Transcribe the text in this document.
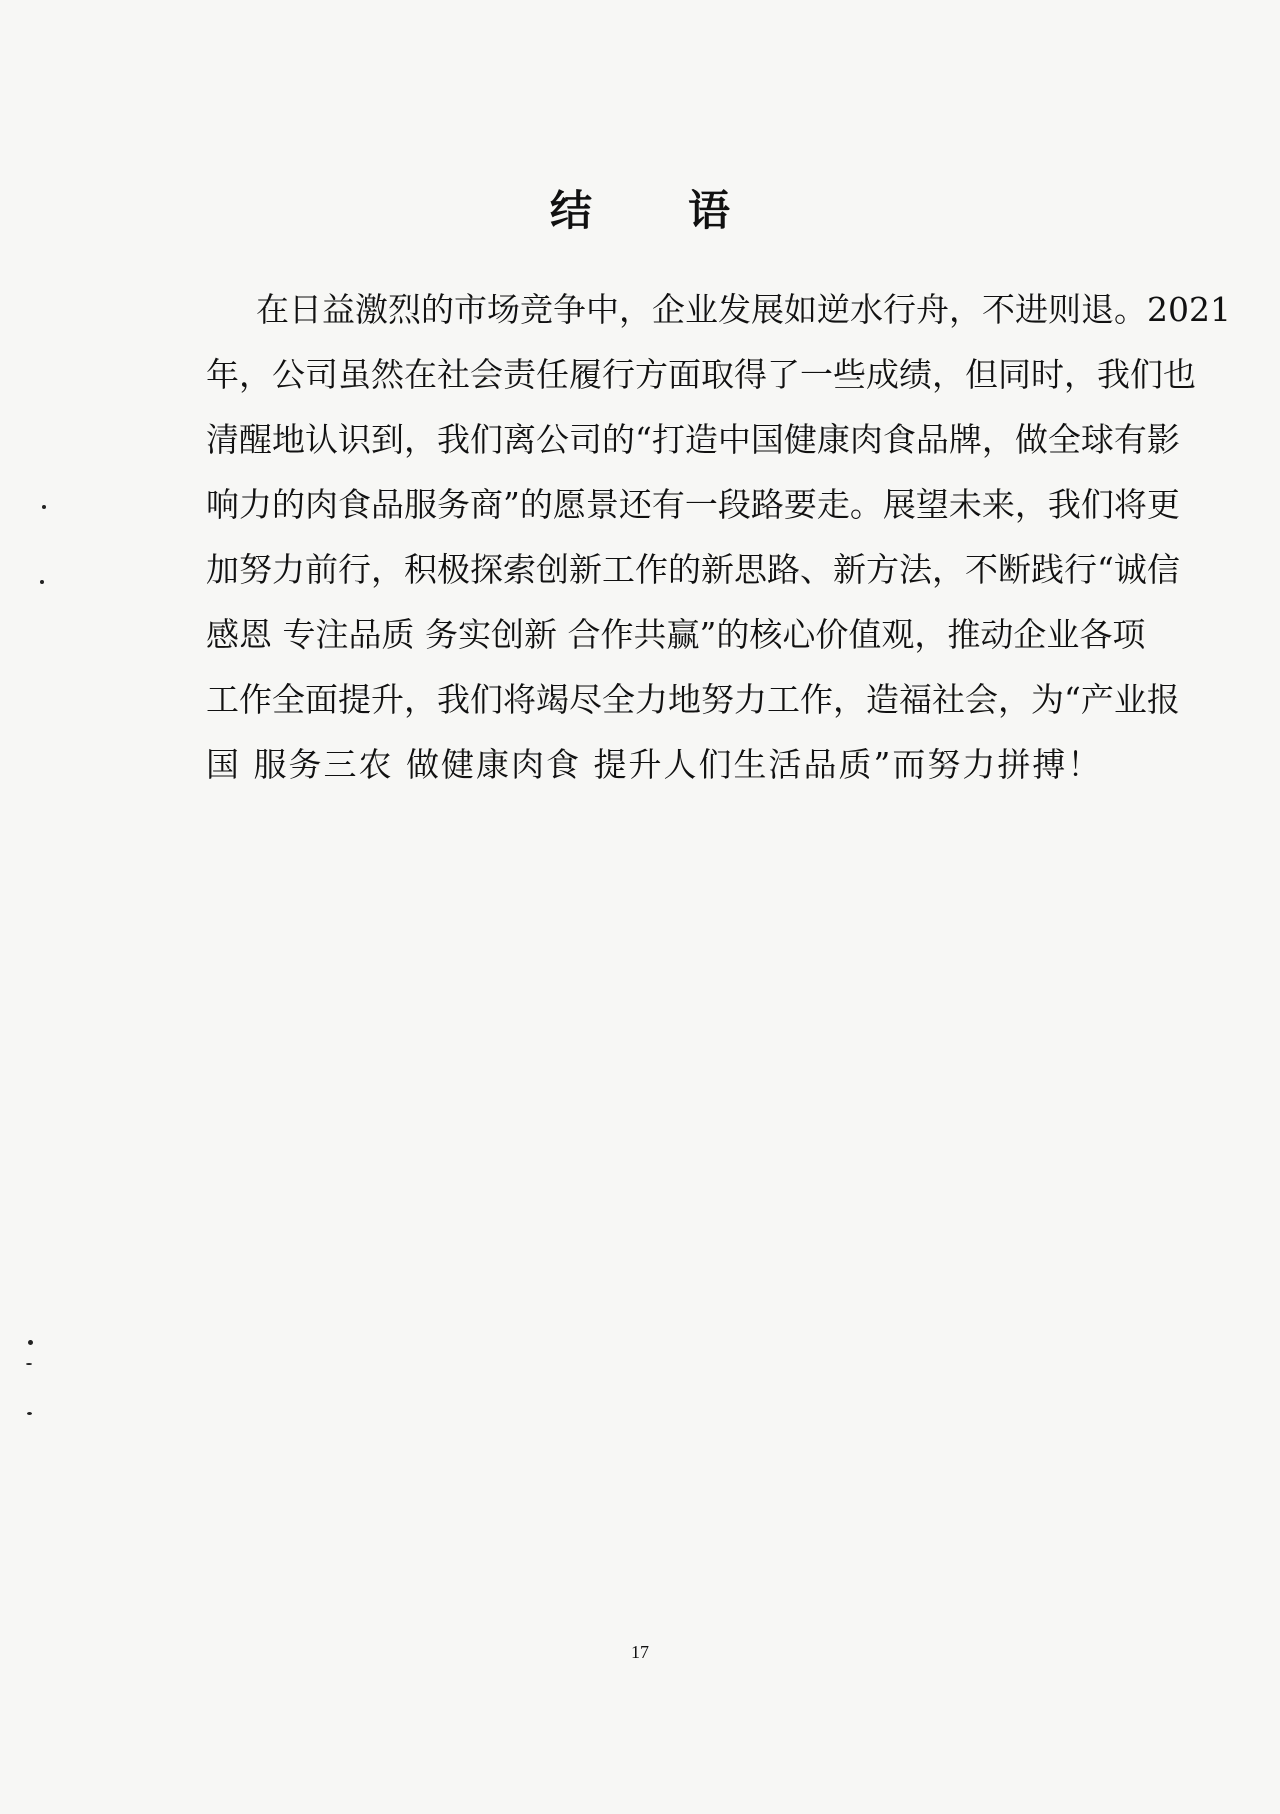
结 语
在日益激烈的市场竞争中，企业发展如逆水行舟，不进则退。2021
年，公司虽然在社会责任履行方面取得了一些成绩，但同时，我们也
清醒地认识到，我们离公司的“打造中国健康肉食品牌，做全球有影
响力的肉食品服务商”的愿景还有一段路要走。展望未来，我们将更
加努力前行，积极探索创新工作的新思路、新方法，不断践行“诚信
感恩 专注品质 务实创新 合作共赢”的核心价值观，推动企业各项
工作全面提升，我们将竭尽全力地努力工作，造福社会，为“产业报
国 服务三农 做健康肉食 提升人们生活品质”而努力拼搏！
17
